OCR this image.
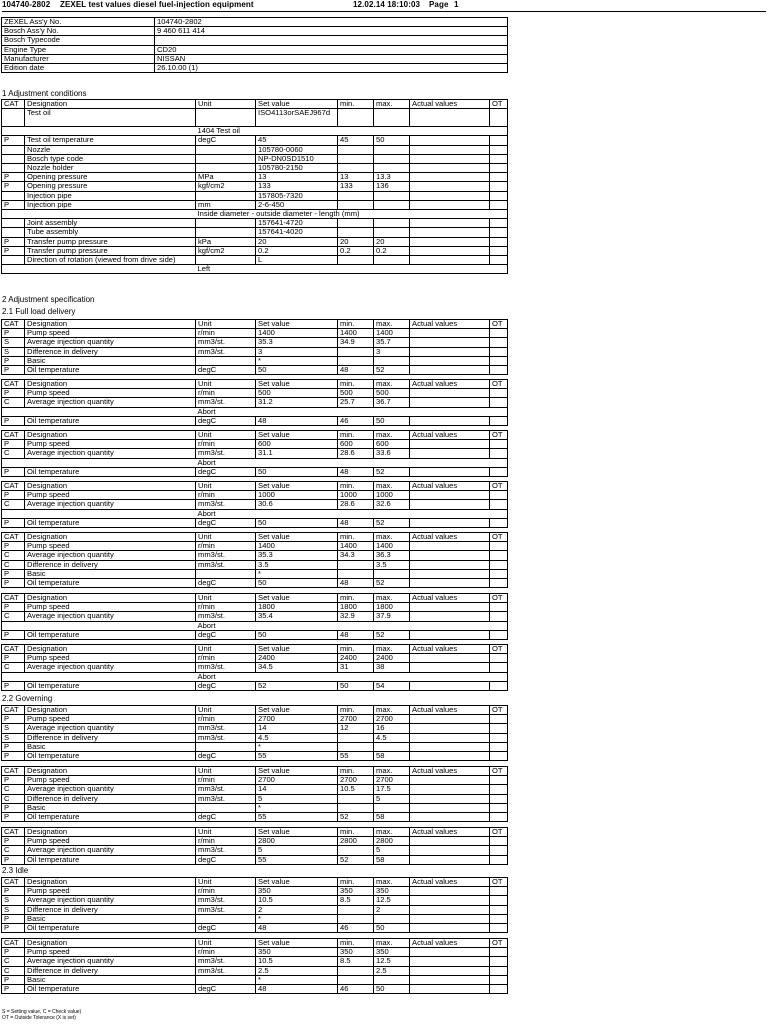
104740-2802 ZEXEL test values diesel fuel-injection equipment	12.02.14 18:10:03 Page 1
ZEXEL Ass'y No.	104740-2802
Bosch Ass'y No.	9 460 611 414
Bosch Typecode	
Engine Type	CD20
Manufacturer	NISSAN
Edition date	26.10.00 (1)
1 Adjustment conditions
CAT	Designation	Unit	Set value	min.	max.	Actual values	OT
	Test oil		ISO4113orSAEJ967d				
		1404 Test oil					
P	Test oil temperature	degC	45	45	50		
	Nozzle		105780-0060				
	Bosch type code		NP-DN0SD1510				
	Nozzle holder		105780-2150				
P	Opening pressure	MPa	13	13	13.3		
P	Opening pressure	kgf/cm2	133	133	136		
	Injection pipe		157805-7320				
P	Injection pipe	mm	2-6-450				
		Inside diameter - outside diameter - length (mm)					
	Joint assembly		157641-4720				
	Tube assembly		157641-4020				
P	Transfer pump pressure	kPa	20	20	20		
P	Transfer pump pressure	kgf/cm2	0.2	0.2	0.2		
	Direction of rotation (viewed from drive side)		L				
		Left					
2 Adjustment specification
2.1 Full load delivery
2.2 Governing
2.3 Idle
CAT	Designation	Unit	Set value	min.	max.	Actual values	OT
P	Pump speed	r/min	1400	1400	1400		
S	Average injection quantity	mm3/st.	35.3	34.9	35.7		
S	Difference in delivery	mm3/st.	3		3		
P	Basic		*				
P	Oil temperature	degC	50	48	52		
CAT	Designation	Unit	Set value	min.	max.	Actual values	OT
P	Pump speed	r/min	500	500	500		
C	Average injection quantity	mm3/st.	31.2	25.7	36.7		
		Abort					
P	Oil temperature	degC	48	46	50		
CAT	Designation	Unit	Set value	min.	max.	Actual values	OT
P	Pump speed	r/min	600	600	600		
C	Average injection quantity	mm3/st.	31.1	28.6	33.6		
		Abort					
P	Oil temperature	degC	50	48	52		
CAT	Designation	Unit	Set value	min.	max.	Actual values	OT
P	Pump speed	r/min	1000	1000	1000		
C	Average injection quantity	mm3/st.	30.6	28.6	32.6		
		Abort					
P	Oil temperature	degC	50	48	52		
CAT	Designation	Unit	Set value	min.	max.	Actual values	OT
P	Pump speed	r/min	1400	1400	1400		
C	Average injection quantity	mm3/st.	35.3	34.3	36.3		
C	Difference in delivery	mm3/st.	3.5		3.5		
P	Basic		*				
P	Oil temperature	degC	50	48	52		
CAT	Designation	Unit	Set value	min.	max.	Actual values	OT
P	Pump speed	r/min	1800	1800	1800		
C	Average injection quantity	mm3/st.	35.4	32.9	37.9		
		Abort					
P	Oil temperature	degC	50	48	52		
CAT	Designation	Unit	Set value	min.	max.	Actual values	OT
P	Pump speed	r/min	2400	2400	2400		
C	Average injection quantity	mm3/st.	34.5	31	38		
		Abort					
P	Oil temperature	degC	52	50	54		
CAT	Designation	Unit	Set value	min.	max.	Actual values	OT
P	Pump speed	r/min	2700	2700	2700		
S	Average injection quantity	mm3/st.	14	12	16		
S	Difference in delivery	mm3/st.	4.5		4.5		
P	Basic		*				
P	Oil temperature	degC	55	55	58		
CAT	Designation	Unit	Set value	min.	max.	Actual values	OT
P	Pump speed	r/min	2700	2700	2700		
C	Average injection quantity	mm3/st.	14	10.5	17.5		
C	Difference in delivery	mm3/st.	5		5		
P	Basic		*				
P	Oil temperature	degC	55	52	58		
CAT	Designation	Unit	Set value	min.	max.	Actual values	OT
P	Pump speed	r/min	2800	2800	2800		
C	Average injection quantity	mm3/st.	5		5		
P	Oil temperature	degC	55	52	58		
CAT	Designation	Unit	Set value	min.	max.	Actual values	OT
P	Pump speed	r/min	350	350	350		
S	Average injection quantity	mm3/st.	10.5	8.5	12.5		
S	Difference in delivery	mm3/st.	2		2		
P	Basic		*				
P	Oil temperature	degC	48	46	50		
CAT	Designation	Unit	Set value	min.	max.	Actual values	OT
P	Pump speed	r/min	350	350	350		
C	Average injection quantity	mm3/st.	10.5	8.5	12.5		
C	Difference in delivery	mm3/st.	2.5		2.5		
P	Basic		*				
P	Oil temperature	degC	48	46	50		
S = Setting value, C = Check value)
OT = Outside Tolerance (X is set)
